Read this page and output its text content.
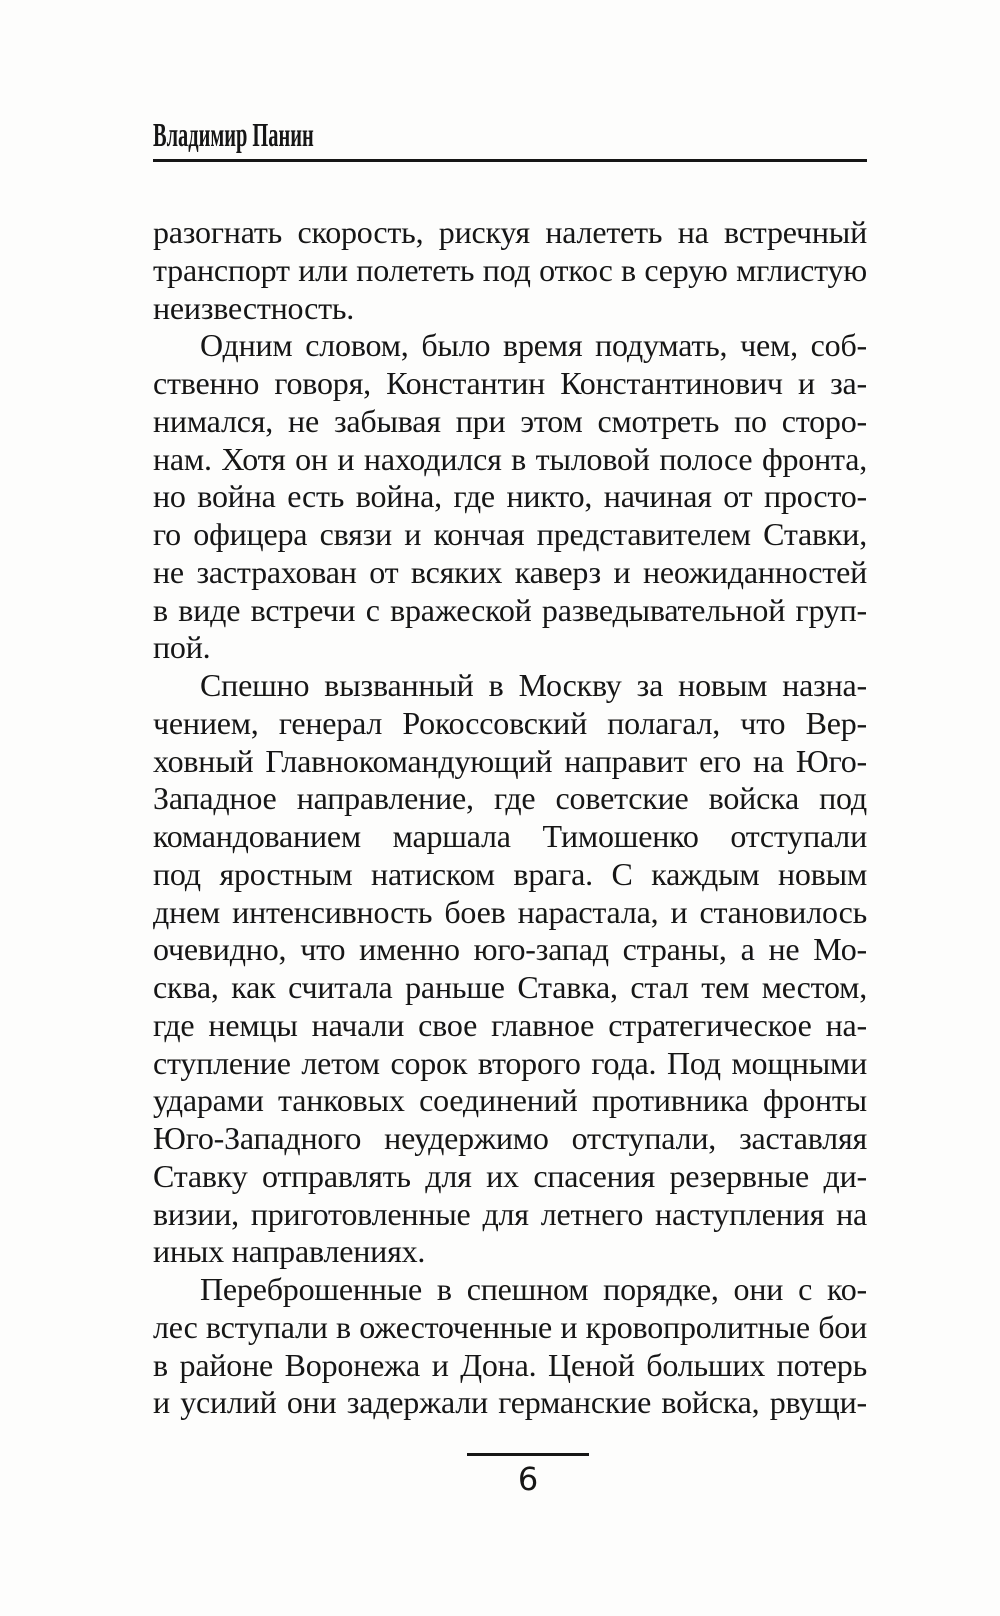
Владимир Панин
разогнать скорость, рискуя налететь на встречный
транспорт или полететь под откос в серую мглистую
неизвестность.
Одним словом, было время подумать, чем, соб-
ственно говоря, Константин Константинович и за-
нимался, не забывая при этом смотреть по сторо-
нам. Хотя он и находился в тыловой полосе фронта,
но война есть война, где никто, начиная от просто-
го офицера связи и кончая представителем Ставки,
не застрахован от всяких каверз и неожиданностей
в виде встречи с вражеской разведывательной груп-
пой.
Спешно вызванный в Москву за новым назна-
чением, генерал Рокоссовский полагал, что Вер-
ховный Главнокомандующий направит его на Юго-
Западное направление, где советские войска под
командованием маршала Тимошенко отступали
под яростным натиском врага. С каждым новым
днем интенсивность боев нарастала, и становилось
очевидно, что именно юго-запад страны, а не Мо-
сква, как считала раньше Ставка, стал тем местом,
где немцы начали свое главное стратегическое на-
ступление летом сорок второго года. Под мощными
ударами танковых соединений противника фронты
Юго-Западного неудержимо отступали, заставляя
Ставку отправлять для их спасения резервные ди-
визии, приготовленные для летнего наступления на
иных направлениях.
Переброшенные в спешном порядке, они с ко-
лес вступали в ожесточенные и кровопролитные бои
в районе Воронежа и Дона. Ценой больших потерь
и усилий они задержали германские войска, рвущи-
6
